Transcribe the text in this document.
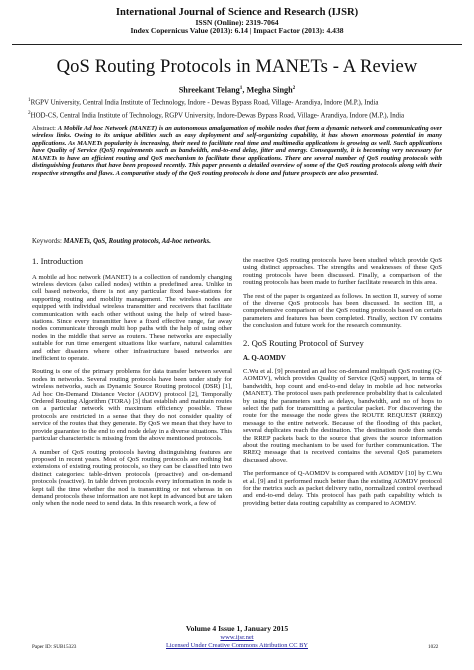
International Journal of Science and Research (IJSR)
ISSN (Online): 2319-7064
Index Copernicus Value (2013): 6.14 | Impact Factor (2013): 4.438
QoS Routing Protocols in MANETs - A Review
Shreekant Telang$^1$, Megha Singh$^2$
$^1$RGPV University, Central India Institute of Technology, Indore - Dewas Bypass Road, Village- Arandiya, Indore (M.P.), India
$^2$HOD-CS, Central India Institute of Technology, RGPV University, Indore-Dewas Bypass Road, Village- Arandiya, Indore (M.P.), India
Abstract: A Mobile Ad hoc Network (MANET) is an autonomous amalgamation of mobile nodes that form a dynamic network and communicating over wireless links. Owing to its unique abilities such as easy deployment and self-organizing capability, it has shown enormous potential in many applications. As MANETs popularity is increasing, their need to facilitate real time and multimedia applications is growing as well. Such applications have Quality of Service (QoS) requirements such as bandwidth, end-to-end delay, jitter and energy. Consequently, it is becoming very necessary for MANETs to have an efficient routing and QoS mechanism to facilitate these applications. There are several number of QoS routing protocols with distinguishing features that have been proposed recently. This paper presents a detailed overview of some of the QoS routing protocols along with their respective strengths and flaws. A comparative study of the QoS routing protocols is done and future prospects are also presented.
Keywords: MANETs, QoS, Routing protocols, Ad-hoc networks.
1. Introduction
A mobile ad hoc network (MANET) is a collection of randomly changing wireless devices (also called nodes) within a predefined area. Unlike in cell based networks, there is not any particular fixed base-stations for supporting routing and mobility management. The wireless nodes are equipped with individual wireless transmitter and receivers that facilitate communication with each other without using the help of wired base-stations. Since every transmitter have a fixed effective range, far away nodes communicate through multi hop paths with the help of using other nodes in the middle that serve as routers. These networks are especially suitable for run time emergent situations like warfare, natural calamities and other disasters where other infrastructure based networks are inefficient to operate.
Routing is one of the primary problems for data transfer between several nodes in networks. Several routing protocols have been under study for wireless networks, such as Dynamic Source Routing protocol (DSR) [1], Ad hoc On-Demand Distance Vector (AODV) protocol [2], Temporally Ordered Routing Algorithm (TORA) [3] that establish and maintain routes on a particular network with maximum efficiency possible. These protocols are restricted in a sense that they do not consider quality of service of the routes that they generate. By QoS we mean that they have to provide guarantee to the end to end node delay in a diverse situations. This particular characteristic is missing from the above mentioned protocols.
A number of QoS routing protocols having distinguishing features are proposed in recent years. Most of QoS routing protocols are nothing but extensions of existing routing protocols, so they can be classified into two distinct categories: table-driven protocols (proactive) and on-demand protocols (reactive). In table driven protocols every information in node is kept tall the time whether the nod is transmitting or not whereas in on demand protocols these information are not kept in advanced but are taken only when the node need to send data. In this research work, a few of
the reactive QoS routing protocols have been studied which provide QoS using distinct approaches. The strengths and weaknesses of these QoS routing protocols have been discussed. Finally, a comparison of the routing protocols has been made to further facilitate research in this area.
The rest of the paper is organized as follows. In section II, survey of some of the diverse QoS protocols has been discussed. In section III, a comprehensive comparison of the QoS routing protocols based on certain parameters and features has been completed. Finally, section IV contains the conclusion and future work for the research community.
2. QoS Routing Protocol of Survey
A. Q-AOMDV
C.Wu et al. [9] presented an ad hoc on-demand multipath QoS routing (Q-AOMDV), which provides Quality of Service (QoS) support, in terms of bandwidth, hop count and end-to-end delay in mobile ad hoc networks (MANET). The protocol uses path preference probability that is calculated by using the parameters such as delays, bandwidth, and no of hops to select the path for transmitting a particular packet. For discovering the route for the message the node gives the ROUTE REQUEST (RREQ) message to the entire network. Because of the flooding of this packet, several duplicates reach the destination. The destination node then sends the RREP packets back to the source that gives the source information about the routing mechanism to be used for further communication. The RREQ message that is received contains the several QoS parameters discussed above.
The performance of Q-AOMDV is compared with AOMDV [10] by C.Wu et al. [9] and it performed much better than the existing AOMDV protocol for the metrics such as packet delivery ratio, normalized control overhead and end-to-end delay. This protocol has path path capability which is providing better data routing capability as compared to AOMDV.
Volume 4 Issue 1, January 2015
www.ijsr.net
Licensed Under Creative Commons Attribution CC BY
Paper ID: SUB15323	1022
